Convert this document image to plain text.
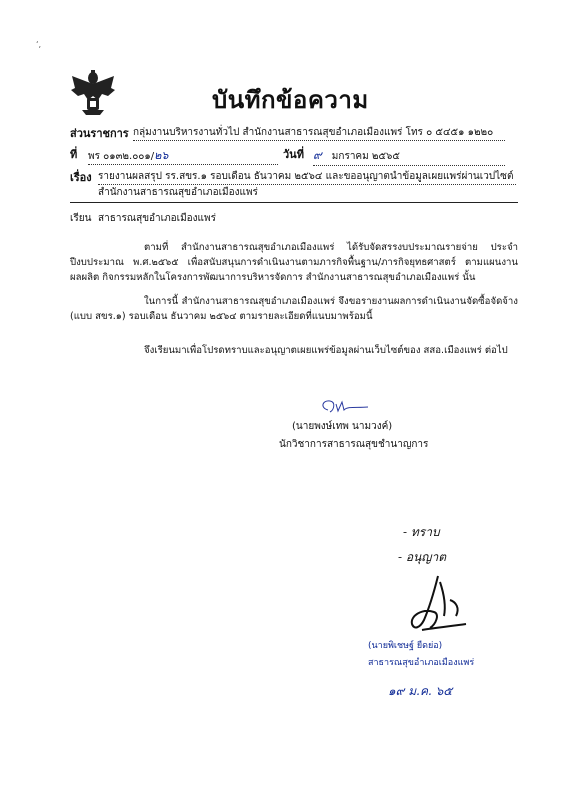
‘‚
บันทึกข้อความ
ส่วนราชการ กลุ่มงานบริหารงานทั่วไป สำนักงานสาธารณสุขอำเภอเมืองแพร่ โทร ๐ ๕๔๕๑ ๑๒๒๐
ที่ พร ๐๑๓๒.๐๐๑/๒๖	วันที่ ๙ มกราคม ๒๕๖๕
เรื่อง รายงานผลสรุป รร.สขร.๑ รอบเดือน ธันวาคม ๒๕๖๔ และขออนุญาตนำข้อมูลเผยแพร่ผ่านเวปไซต์
สำนักงานสาธารณสุขอำเภอเมืองแพร่
เรียน สาธารณสุขอำเภอเมืองแพร่
ตามที่ สำนักงานสาธารณสุขอำเภอเมืองแพร่ ได้รับจัดสรรงบประมาณรายจ่าย ประจำปีงบประมาณ พ.ศ.๒๕๖๕ เพื่อสนับสนุนการดำเนินงานตามภารกิจพื้นฐาน/ภารกิจยุทธศาสตร์ ตามแผนงานผลผลิต กิจกรรมหลักในโครงการพัฒนาการบริหารจัดการ สำนักงานสาธารณสุขอำเภอเมืองแพร่ นั้น
ในการนี้ สำนักงานสาธารณสุขอำเภอเมืองแพร่ จึงขอรายงานผลการดำเนินงานจัดซื้อจัดจ้าง (แบบ สขร.๑) รอบเดือน ธันวาคม ๒๕๖๔ ตามรายละเอียดที่แนบมาพร้อมนี้
จึงเรียนมาเพื่อโปรดทราบและอนุญาตเผยแพร่ข้อมูลผ่านเว็บไซต์ของ สสอ.เมืองแพร่ ต่อไป
(นายพงษ์เทพ นามวงค์)
นักวิชาการสาธารณสุขชำนาญการ
- ทราบ
- อนุญาต
(นายพิเชษฐ์ ยืดย่อ)
สาธารณสุขอำเภอเมืองแพร่
๑๙ ม.ค. ๖๕
